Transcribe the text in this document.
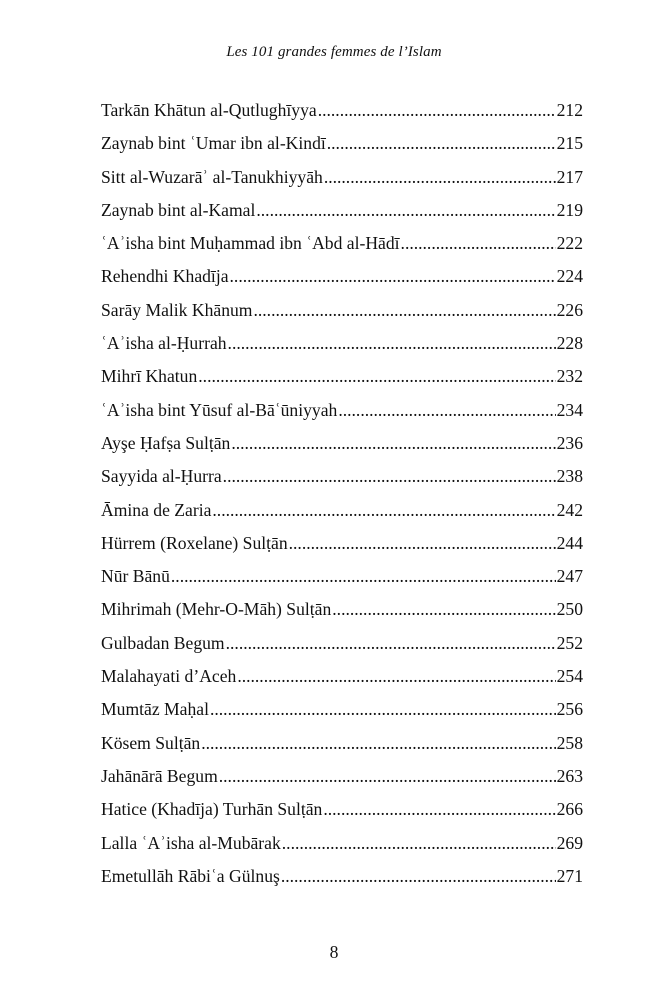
Les 101 grandes femmes de l’Islam
Tarkān Khātun al-Qutlughīyya . . .	212
Zaynab bint ʿUmar ibn al-Kindī . . .	215
Sitt al-Wuzarāʾ al-Tanukhiyyāh . . .	217
Zaynab bint al-Kamal . . .	219
ʿAʾisha bint Muḥammad ibn ʿAbd al-Hādī . . .	222
Rehendhi Khadīja . . .	224
Sarāy Malik Khānum . . .	226
ʿAʾisha al-Ḥurrah . . .	228
Mihrī Khatun . . .	232
ʿAʾisha bint Yūsuf al-Bāʿūniyyah . . .	234
Ayşe Ḥafṣa Sulṭān . . .	236
Sayyida al-Ḥurra . . .	238
Āmina de Zaria . . .	242
Hürrem (Roxelane) Sulṭān . . .	244
Nūr Bānū . . .	247
Mihrimah (Mehr-O-Māh) Sulṭān . . .	250
Gulbadan Begum . . .	252
Malahayati d’Aceh . . .	254
Mumtāz Maḥal . . .	256
Kösem Sulṭān . . .	258
Jahānārā Begum . . .	263
Hatice (Khadīja) Turhān Sulṭān . . .	266
Lalla ʿAʾisha al-Mubārak . . .	269
Emetullāh Rābiʿa Gülnuş . . .	271
8
